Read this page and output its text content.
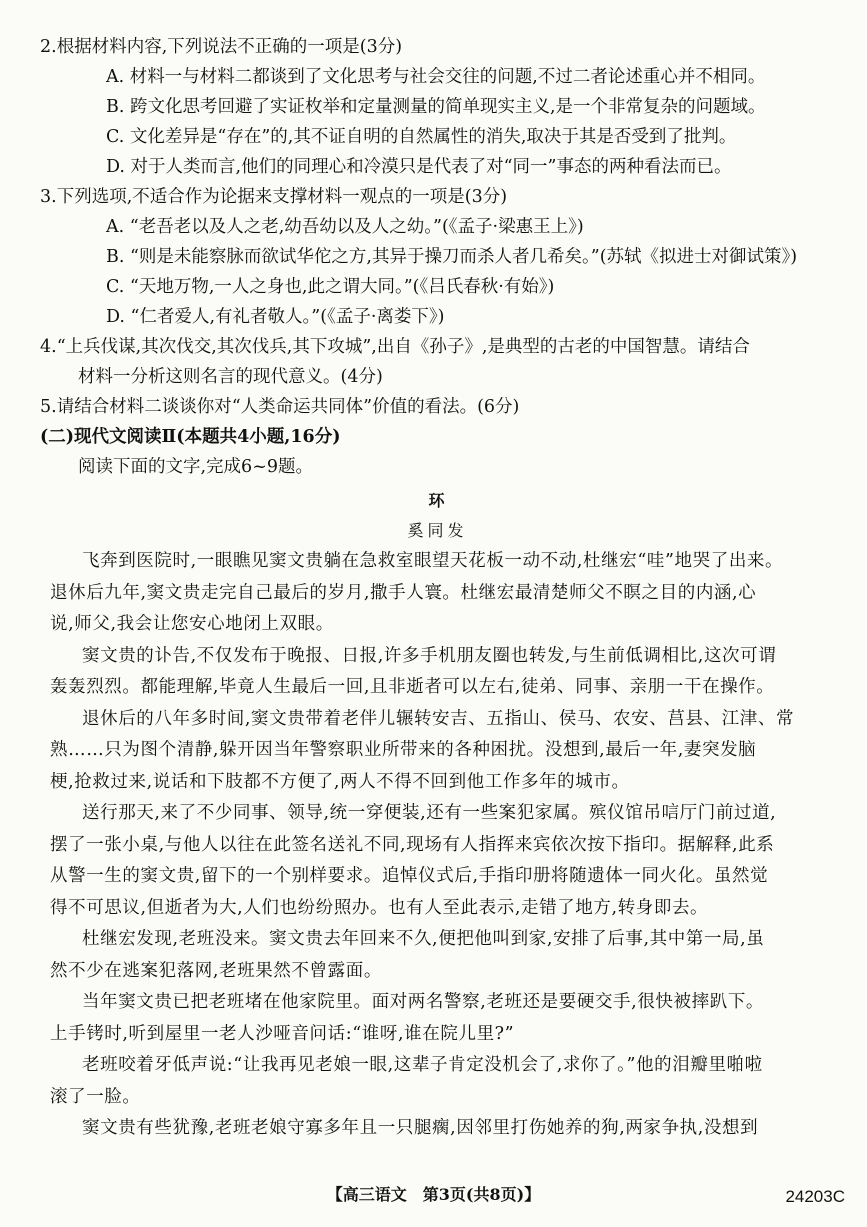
2.根据材料内容,下列说法不正确的一项是(3分)
A. 材料一与材料二都谈到了文化思考与社会交往的问题,不过二者论述重心并不相同。
B. 跨文化思考回避了实证枚举和定量测量的简单现实主义,是一个非常复杂的问题域。
C. 文化差异是“存在”的,其不证自明的自然属性的消失,取决于其是否受到了批判。
D. 对于人类而言,他们的同理心和冷漠只是代表了对“同一”事态的两种看法而已。
3.下列选项,不适合作为论据来支撑材料一观点的一项是(3分)
A. “老吾老以及人之老,幼吾幼以及人之幼。”(《孟子·梁惠王上》)
B. “则是未能察脉而欲试华佗之方,其异于操刀而杀人者几希矣。”(苏轼《拟进士对御试策》)
C. “天地万物,一人之身也,此之谓大同。”(《吕氏春秋·有始》)
D. “仁者爱人,有礼者敬人。”(《孟子·离娄下》)
4.“上兵伐谋,其次伐交,其次伐兵,其下攻城”,出自《孙子》,是典型的古老的中国智慧。请结合
材料一分析这则名言的现代意义。(4分)
5.请结合材料二谈谈你对“人类命运共同体”价值的看法。(6分)
(二)现代文阅读Ⅱ(本题共4小题,16分)
阅读下面的文字,完成6~9题。
环
奚同发
飞奔到医院时,一眼瞧见窦文贵躺在急救室眼望天花板一动不动,杜继宏“哇”地哭了出来。
退休后九年,窦文贵走完自己最后的岁月,撒手人寰。杜继宏最清楚师父不瞑之目的内涵,心
说,师父,我会让您安心地闭上双眼。
窦文贵的讣告,不仅发布于晚报、日报,许多手机朋友圈也转发,与生前低调相比,这次可谓
轰轰烈烈。都能理解,毕竟人生最后一回,且非逝者可以左右,徒弟、同事、亲朋一干在操作。
退休后的八年多时间,窦文贵带着老伴儿辗转安吉、五指山、侯马、农安、莒县、江津、常
熟……只为图个清静,躲开因当年警察职业所带来的各种困扰。没想到,最后一年,妻突发脑
梗,抢救过来,说话和下肢都不方便了,两人不得不回到他工作多年的城市。
送行那天,来了不少同事、领导,统一穿便装,还有一些案犯家属。殡仪馆吊唁厅门前过道,
摆了一张小桌,与他人以往在此签名送礼不同,现场有人指挥来宾依次按下指印。据解释,此系
从警一生的窦文贵,留下的一个别样要求。追悼仪式后,手指印册将随遗体一同火化。虽然觉
得不可思议,但逝者为大,人们也纷纷照办。也有人至此表示,走错了地方,转身即去。
杜继宏发现,老班没来。窦文贵去年回来不久,便把他叫到家,安排了后事,其中第一局,虽
然不少在逃案犯落网,老班果然不曾露面。
当年窦文贵已把老班堵在他家院里。面对两名警察,老班还是要硬交手,很快被摔趴下。
上手铐时,听到屋里一老人沙哑音问话:“谁呀,谁在院儿里?”
老班咬着牙低声说:“让我再见老娘一眼,这辈子肯定没机会了,求你了。”他的泪瓣里啪啦
滚了一脸。
窦文贵有些犹豫,老班老娘守寡多年且一只腿瘸,因邻里打伤她养的狗,两家争执,没想到
【高三语文　第3页(共8页)】	24203C
